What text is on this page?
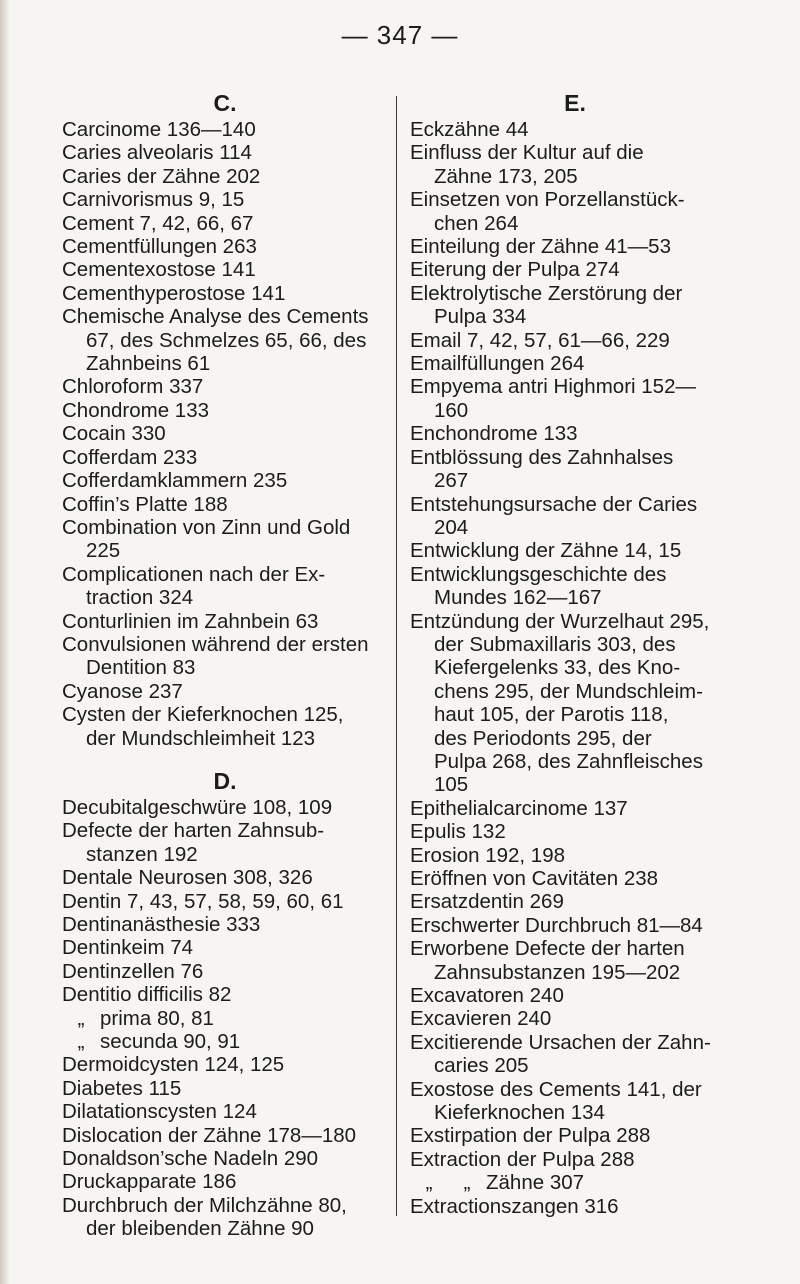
— 347 —
C.
Carcinome 136—140
Caries alveolaris 114
Caries der Zähne 202
Carnivorismus 9, 15
Cement 7, 42, 66, 67
Cementfüllungen 263
Cementexostose 141
Cementhyperostose 141
Chemische Analyse des Cements
67, des Schmelzes 65, 66, des
Zahnbeins 61
Chloroform 337
Chondrome 133
Cocain 330
Cofferdam 233
Cofferdamklammern 235
Coffin’s Platte 188
Combination von Zinn und Gold
225
Complicationen nach der Ex-
traction 324
Conturlinien im Zahnbein 63
Convulsionen während der ersten
Dentition 83
Cyanose 237
Cysten der Kieferknochen 125,
der Mundschleimheit 123
D.
Decubitalgeschwüre 108, 109
Defecte der harten Zahnsub-
stanzen 192
Dentale Neurosen 308, 326
Dentin 7, 43, 57, 58, 59, 60, 61
Dentinanästhesie 333
Dentinkeim 74
Dentinzellen 76
Dentitio difficilis 82
„ prima 80, 81
„ secunda 90, 91
Dermoidcysten 124, 125
Diabetes 115
Dilatationscysten 124
Dislocation der Zähne 178—180
Donaldson’sche Nadeln 290
Druckapparate 186
Durchbruch der Milchzähne 80,
der bleibenden Zähne 90
E.
Eckzähne 44
Einfluss der Kultur auf die
Zähne 173, 205
Einsetzen von Porzellanstück-
chen 264
Einteilung der Zähne 41—53
Eiterung der Pulpa 274
Elektrolytische Zerstörung der
Pulpa 334
Email 7, 42, 57, 61—66, 229
Emailfüllungen 264
Empyema antri Highmori 152—
160
Enchondrome 133
Entblössung des Zahnhalses
267
Entstehungsursache der Caries
204
Entwicklung der Zähne 14, 15
Entwicklungsgeschichte des
Mundes 162—167
Entzündung der Wurzelhaut 295,
der Submaxillaris 303, des
Kiefergelenks 33, des Kno-
chens 295, der Mundschleim-
haut 105, der Parotis 118,
des Periodonts 295, der
Pulpa 268, des Zahnfleisches
105
Epithelialcarcinome 137
Epulis 132
Erosion 192, 198
Eröffnen von Cavitäten 238
Ersatzdentin 269
Erschwerter Durchbruch 81—84
Erworbene Defecte der harten
Zahnsubstanzen 195—202
Excavatoren 240
Excavieren 240
Excitierende Ursachen der Zahn-
caries 205
Exostose des Cements 141, der
Kieferknochen 134
Exstirpation der Pulpa 288
Extraction der Pulpa 288
„ „ Zähne 307
Extractionszangen 316
